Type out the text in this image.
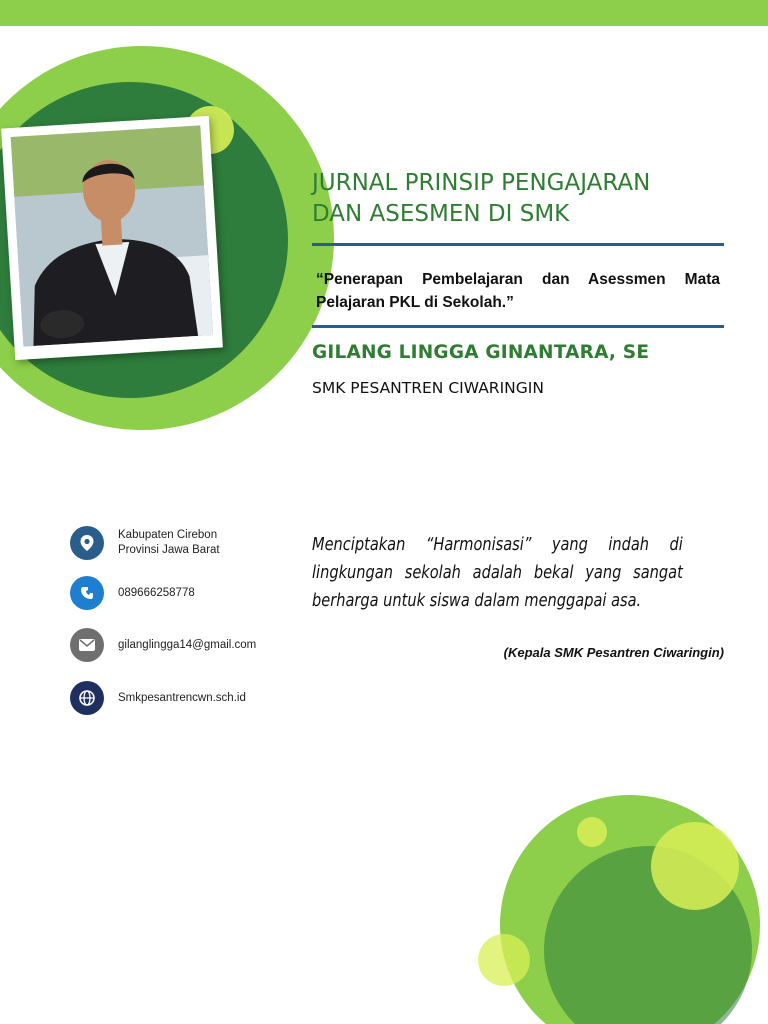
JURNAL PRINSIP PENGAJARAN
DAN ASESMEN DI SMK

“Penerapan Pembelajaran dan Asessmen Mata Pelajaran PKL di Sekolah.”

GILANG LINGGA GINANTARA, SE

SMK PESANTREN CIWARINGIN

Kabupaten Cirebon
Provinsi Jawa Barat
089666258778
gilanglingga14@gmail.com
Smkpesantrencwn.sch.id

Menciptakan “Harmonisasi” yang indah di lingkungan sekolah adalah bekal yang sangat berharga untuk siswa dalam menggapai asa.

(Kepala SMK Pesantren Ciwaringin)
